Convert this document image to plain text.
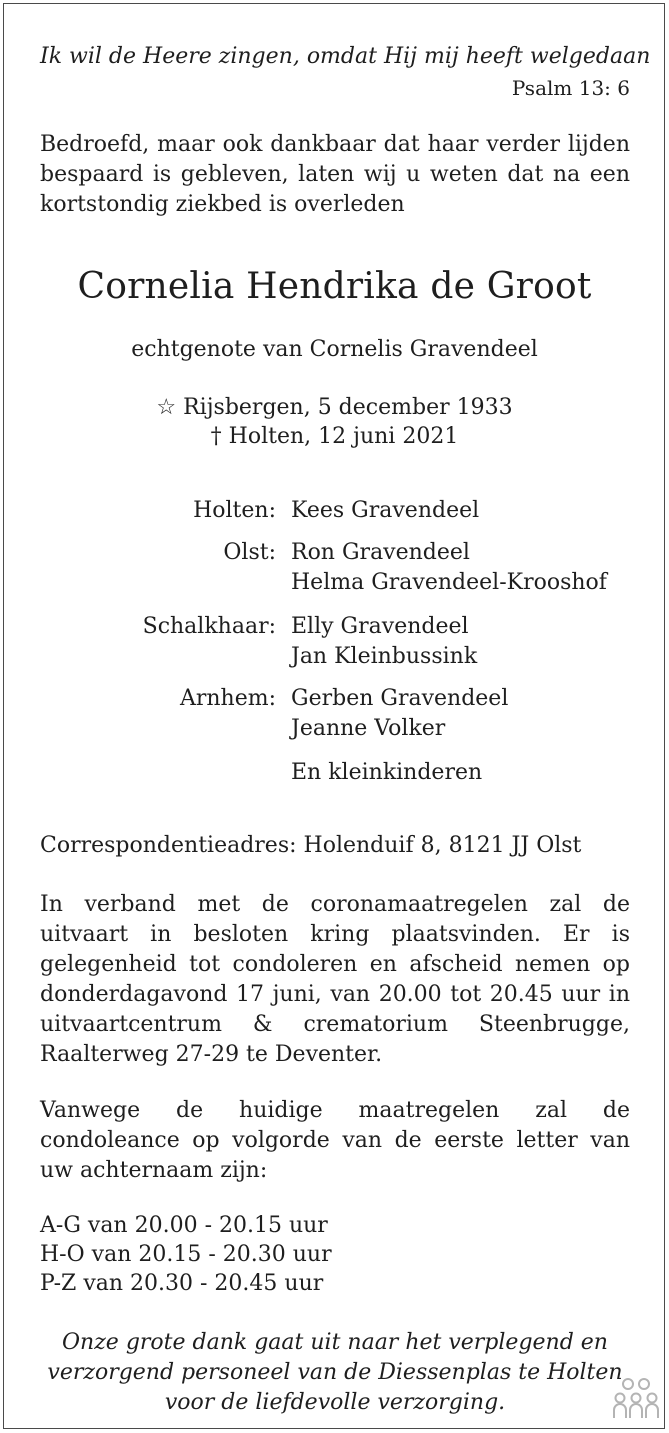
Ik wil de Heere zingen, omdat Hij mij heeft welgedaan
Psalm 13: 6
Bedroefd, maar ook dankbaar dat haar verder lijden bespaard is gebleven, laten wij u weten dat na een kortstondig ziekbed is overleden
Cornelia Hendrika de Groot
echtgenote van Cornelis Gravendeel
☆ Rijsbergen, 5 december 1933
† Holten, 12 juni 2021
Holten: Kees Gravendeel
Olst: Ron Gravendeel
Helma Gravendeel-Krooshof
Schalkhaar: Elly Gravendeel
Jan Kleinbussink
Arnhem: Gerben Gravendeel
Jeanne Volker
En kleinkinderen
Correspondentieadres: Holenduif 8, 8121 JJ Olst
In verband met de coronamaatregelen zal de uitvaart in besloten kring plaatsvinden. Er is gelegenheid tot condoleren en afscheid nemen op donderdagavond 17 juni, van 20.00 tot 20.45 uur in uitvaartcentrum & crematorium Steenbrugge, Raalterweg 27-29 te Deventer.
Vanwege de huidige maatregelen zal de condoleance op volgorde van de eerste letter van uw achternaam zijn:
A-G van 20.00 - 20.15 uur
H-O van 20.15 - 20.30 uur
P-Z van 20.30 - 20.45 uur
Onze grote dank gaat uit naar het verplegend en verzorgend personeel van de Diessenplas te Holten voor de liefdevolle verzorging.
